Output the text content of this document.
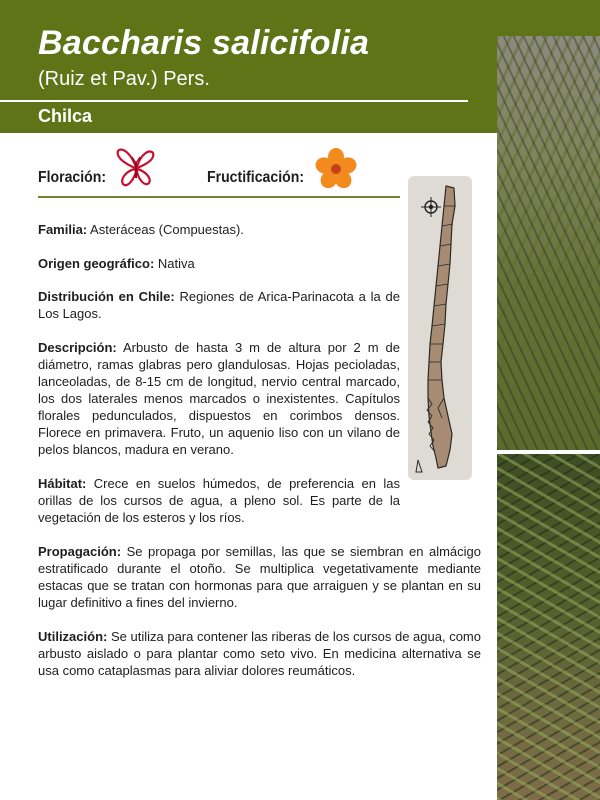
Baccharis salicifolia
(Ruiz et Pav.) Pers.
Chilca
Floración:	Fructificación:

Familia: Asteráceas (Compuestas).

Origen geográfico: Nativa

Distribución en Chile: Regiones de Arica-Parinacota a la de Los Lagos.

Descripción: Arbusto de hasta 3 m de altura por 2 m de diámetro, ramas glabras pero glandulosas. Hojas pecioladas, lanceoladas, de 8-15 cm de longitud, nervio central marcado, los dos laterales menos marcados o inexistentes. Capítulos florales pedunculados, dispuestos en corimbos densos. Florece en primavera. Fruto, un aquenio liso con un vilano de pelos blancos, madura en verano.

Hábitat: Crece en suelos húmedos, de preferencia en las orillas de los cursos de agua, a pleno sol. Es parte de la vegetación de los esteros y los ríos.

Propagación: Se propaga por semillas, las que se siembran en almácigo estratificado durante el otoño. Se multiplica vegetativamente mediante estacas que se tratan con hormonas para que arraiguen y se plantan en su lugar definitivo a fines del invierno.

Utilización: Se utiliza para contener las riberas de los cursos de agua, como arbusto aislado o para plantar como seto vivo. En medicina alternativa se usa como cataplasmas para aliviar dolores reumáticos.
